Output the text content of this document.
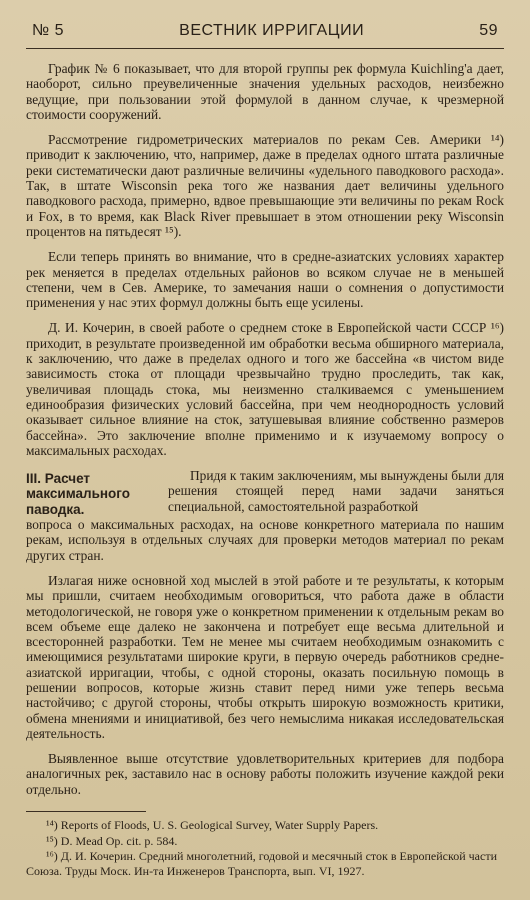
№ 5	ВЕСТНИК ИРРИГАЦИИ	59

График № 6 показывает, что для второй группы рек формула Kuichling'a дает, наоборот, сильно преувеличенные значения удельных расходов, неизбежно ведущие, при пользовании этой формулой в данном случае, к чрезмерной стоимости сооружений.

Рассмотрение гидрометрических материалов по рекам Сев. Америки ¹⁴) приводит к заключению, что, например, даже в пределах одного штата различные реки систематически дают различные величины «удельного паводкового расхода». Так, в штате Wisconsin река того же названия дает величины удельного паводкового расхода, примерно, вдвое превышающие эти величины по рекам Rock и Fox, в то время, как Black River превышает в этом отношении реку Wisconsin процентов на пятьдесят ¹⁵).

Если теперь принять во внимание, что в средне-азиатских условиях характер рек меняется в пределах отдельных районов во всяком случае не в меньшей степени, чем в Сев. Америке, то замечания наши о сомнения о допустимости применения у нас этих формул должны быть еще усилены.

Д. И. Кочерин, в своей работе о среднем стоке в Европейской части СССР ¹⁶) приходит, в результате произведенной им обработки весьма обширного материала, к заключению, что даже в пределах одного и того же бассейна «в чистом виде зависимость стока от площади чрезвычайно трудно проследить, так как, увеличивая площадь стока, мы неизменно сталкиваемся с уменьшением единообразия физических условий бассейна, при чем неоднородность условий оказывает сильное влияние на сток, затушевывая влияние собственно размеров бассейна». Это заключение вполне применимо и к изучаемому вопросу о максимальных расходах.

III. Расчет максимального паводка.
Придя к таким заключениям, мы вынуждены были для решения стоящей перед нами задачи заняться специальной, самостоятельной разработкой

вопроса о максимальных расходах, на основе конкретного материала по нашим рекам, используя в отдельных случаях для проверки методов материал по рекам других стран.

Излагая ниже основной ход мыслей в этой работе и те результаты, к которым мы пришли, считаем необходимым оговориться, что работа даже в области методологической, не говоря уже о конкретном применении к отдельным рекам во всем объеме еще далеко не закончена и потребует еще весьма длительной и всесторонней разработки. Тем не менее мы считаем необходимым ознакомить с имеющимися результатами широкие круги, в первую очередь работников средне-азиатской ирригации, чтобы, с одной стороны, оказать посильную помощь в решении вопросов, которые жизнь ставит перед ними уже теперь весьма настойчиво; с другой стороны, чтобы открыть широкую возможность критики, обмена мнениями и инициативой, без чего немыслима никакая исследовательская деятельность.

Выявленное выше отсутствие удовлетворительных критериев для подбора аналогичных рек, заставило нас в основу работы положить изучение каждой реки отдельно.

¹⁴) Reports of Floods, U. S. Geological Survey, Water Supply Papers.
¹⁵) D. Mead Op. cit. p. 584.
¹⁶) Д. И. Кочерин. Средний многолетний, годовой и месячный сток в Европейской части Союза. Труды Моск. Ин-та Инженеров Транспорта, вып. VI, 1927.
